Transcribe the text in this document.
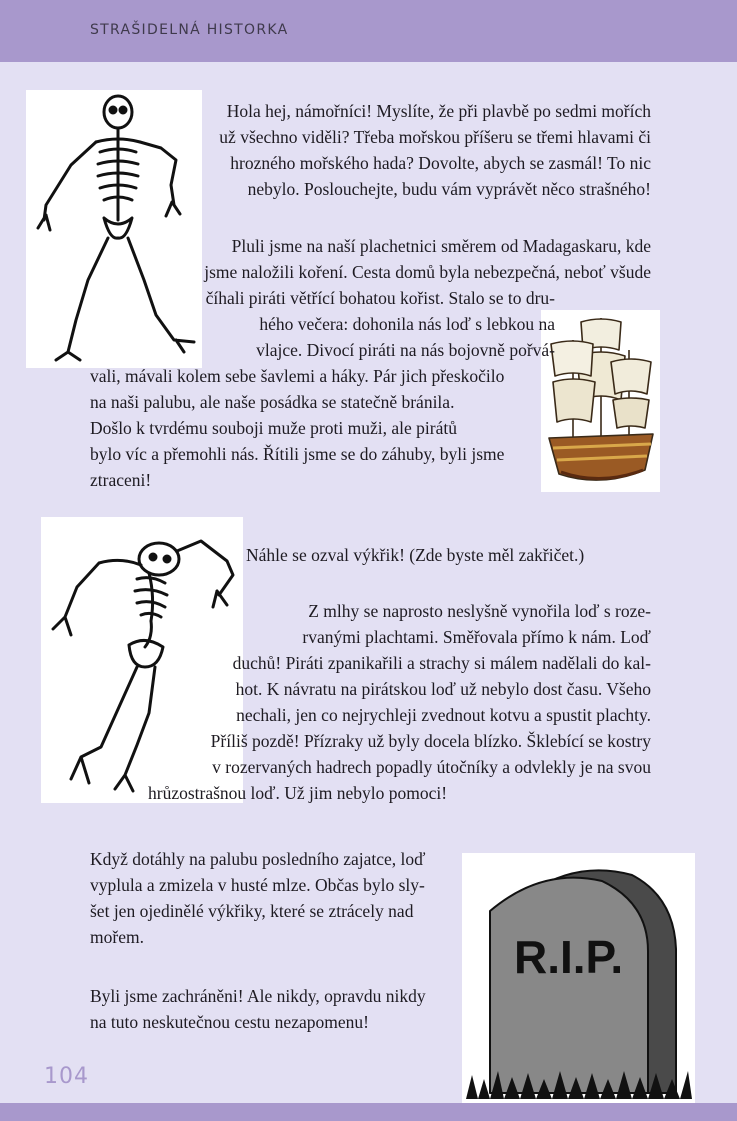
STRAŠIDELNÁ HISTORKA
R.I.P.
Hola hej, námořníci! Myslíte, že při plavbě po sedmi mořích
už všechno viděli? Třeba mořskou příšeru se třemi hlavami či
hrozného mořského hada? Dovolte, abych se zasmál! To nic
nebylo. Poslouchejte, budu vám vyprávět něco strašného!
Pluli jsme na naší plachetnici směrem od Madagaskaru, kde
jsme naložili koření. Cesta domů byla nebezpečná, neboť všude
číhali piráti větřící bohatou kořist. Stalo se to dru-
hého večera: dohonila nás loď s lebkou na
vlajce. Divocí piráti na nás bojovně pořvá-
vali, mávali kolem sebe šavlemi a háky. Pár jich přeskočilo
na naši palubu, ale naše posádka se statečně bránila.
Došlo k tvrdému souboji muže proti muži, ale pirátů
bylo víc a přemohli nás. Řítili jsme se do záhuby, byli jsme
ztraceni!
Náhle se ozval výkřik! (Zde byste měl zakřičet.)
Z mlhy se naprosto neslyšně vynořila loď s roze-
rvanými plachtami. Směřovala přímo k nám. Loď
duchů! Piráti zpanikařili a strachy si málem nadělali do kal-
hot. K návratu na pirátskou loď už nebylo dost času. Všeho
nechali, jen co nejrychleji zvednout kotvu a spustit plachty.
Příliš pozdě! Přízraky už byly docela blízko. Šklebící se kostry
v rozervaných hadrech popadly útočníky a odvlekly je na svou
hrůzostrašnou loď. Už jim nebylo pomoci!
Když dotáhly na palubu posledního zajatce, loď
vyplula a zmizela v husté mlze. Občas bylo sly-
šet jen ojedinělé výkřiky, které se ztrácely nad
mořem.
Byli jsme zachráněni! Ale nikdy, opravdu nikdy
na tuto neskutečnou cestu nezapomenu!
104
